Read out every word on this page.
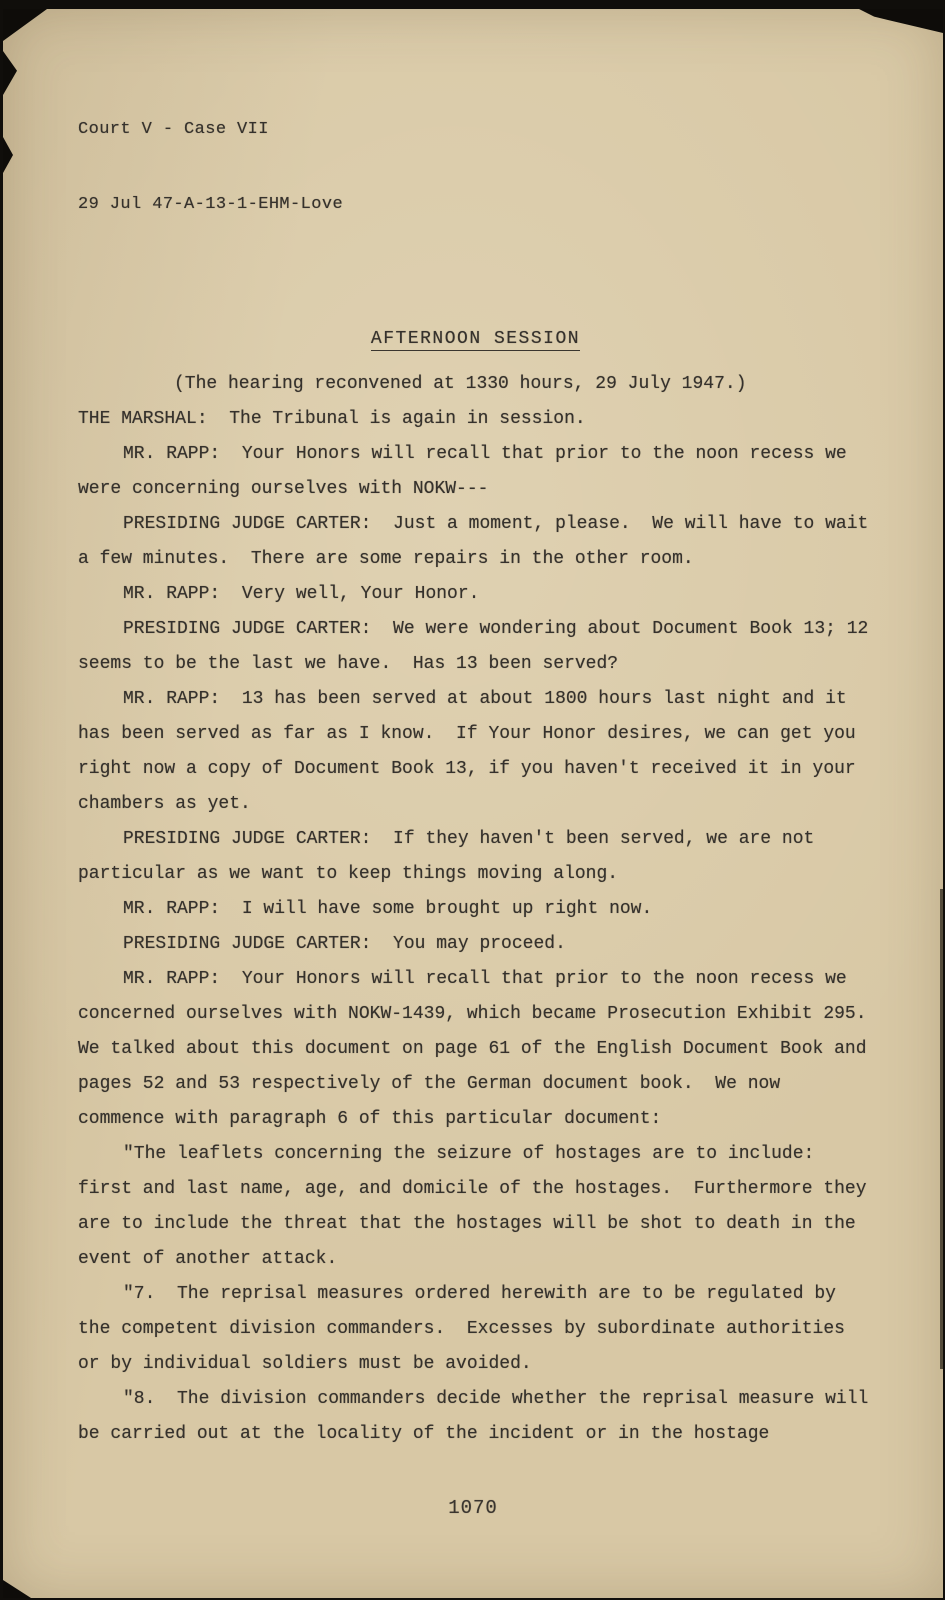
Court V - Case VII

29 Jul 47-A-13-1-EHM-Love

AFTERNOON SESSION

(The hearing reconvened at 1330 hours, 29 July 1947.)

THE MARSHAL:  The Tribunal is again in session.

MR. RAPP:  Your Honors will recall that prior to the noon recess we were concerning ourselves with NOKW---

PRESIDING JUDGE CARTER:  Just a moment, please.  We will have to wait a few minutes.  There are some repairs in the other room.

MR. RAPP:  Very well, Your Honor.

PRESIDING JUDGE CARTER:  We were wondering about Document Book 13; 12 seems to be the last we have.  Has 13 been served?

MR. RAPP:  13 has been served at about 1800 hours last night and it has been served as far as I know.  If Your Honor desires, we can get you right now a copy of Document Book 13, if you haven't received it in your chambers as yet.

PRESIDING JUDGE CARTER:  If they haven't been served, we are not particular as we want to keep things moving along.

MR. RAPP:  I will have some brought up right now.

PRESIDING JUDGE CARTER:  You may proceed.

MR. RAPP:  Your Honors will recall that prior to the noon recess we concerned ourselves with NOKW-1439, which became Prosecution Exhibit 295.  We talked about this document on page 61 of the English Document Book and pages 52 and 53 respectively of the German document book.  We now commence with paragraph 6 of this particular document:

"The leaflets concerning the seizure of hostages are to include: first and last name, age, and domicile of the hostages.  Furthermore they are to include the threat that the hostages will be shot to death in the event of another attack.

"7.  The reprisal measures ordered herewith are to be regulated by the competent division commanders.  Excesses by subordinate authorities or by individual soldiers must be avoided.

"8.  The division commanders decide whether the reprisal measure will be carried out at the locality of the incident or in the hostage

1070
